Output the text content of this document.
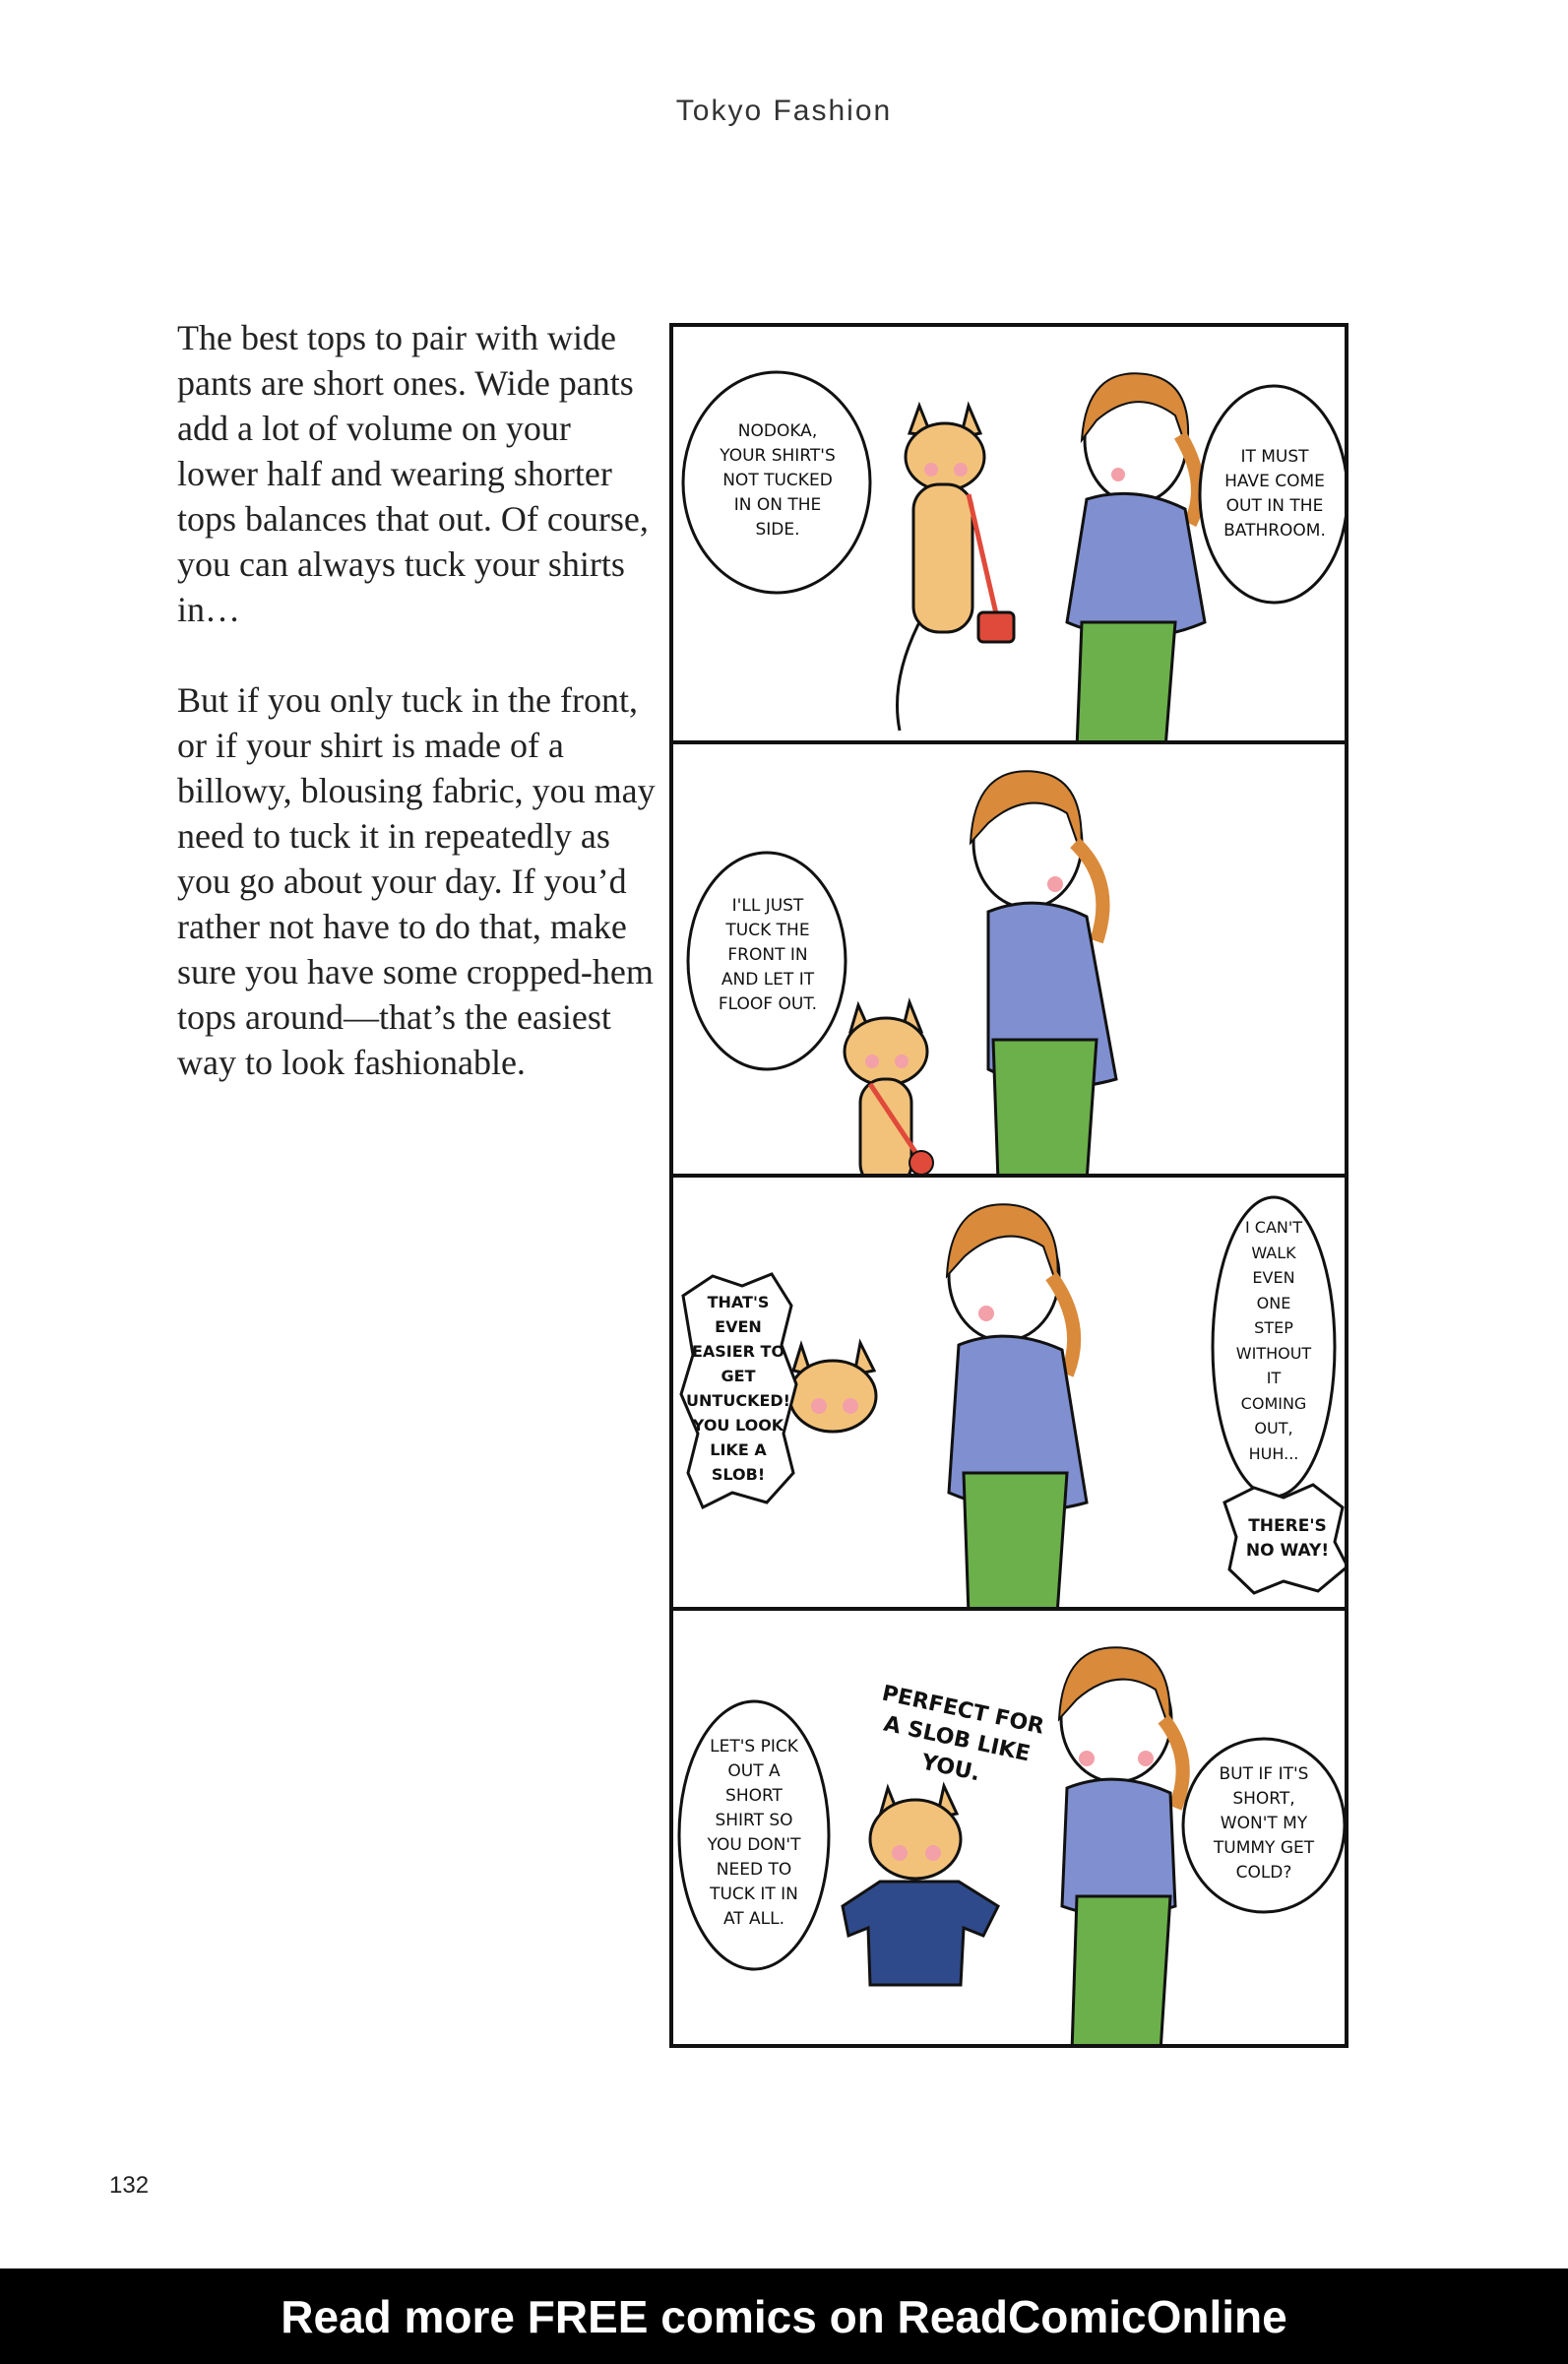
Tokyo Fashion

The best tops to pair with wide pants are short ones. Wide pants add a lot of volume on your lower half and wearing shorter tops balances that out. Of course, you can always tuck your shirts in…

But if you only tuck in the front, or if your shirt is made of a billowy, blousing fabric, you may need to tuck it in repeatedly as you go about your day. If you’d rather not have to do that, make sure you have some cropped-hem tops around—that’s the easiest way to look fashionable.

NODOKA,
YOUR SHIRT'S
NOT TUCKED
IN ON THE
SIDE.
IT MUST
HAVE COME
OUT IN THE
BATHROOM.
I'LL JUST
TUCK THE
FRONT IN
AND LET IT
FLOOF OUT.
THAT'S
EVEN
EASIER TO
GET
UNTUCKED!
YOU LOOK
LIKE A
SLOB!
I CAN'T
WALK
EVEN
ONE
STEP
WITHOUT
IT
COMING
OUT,
HUH...
THERE'S
NO WAY!
PERFECT FOR
A SLOB LIKE YOU.
LET'S PICK
OUT A
SHORT
SHIRT SO
YOU DON'T
NEED TO
TUCK IT IN
AT ALL.
BUT IF IT'S
SHORT,
WON'T MY
TUMMY GET
COLD?
132
Read more FREE comics on ReadComicOnline
